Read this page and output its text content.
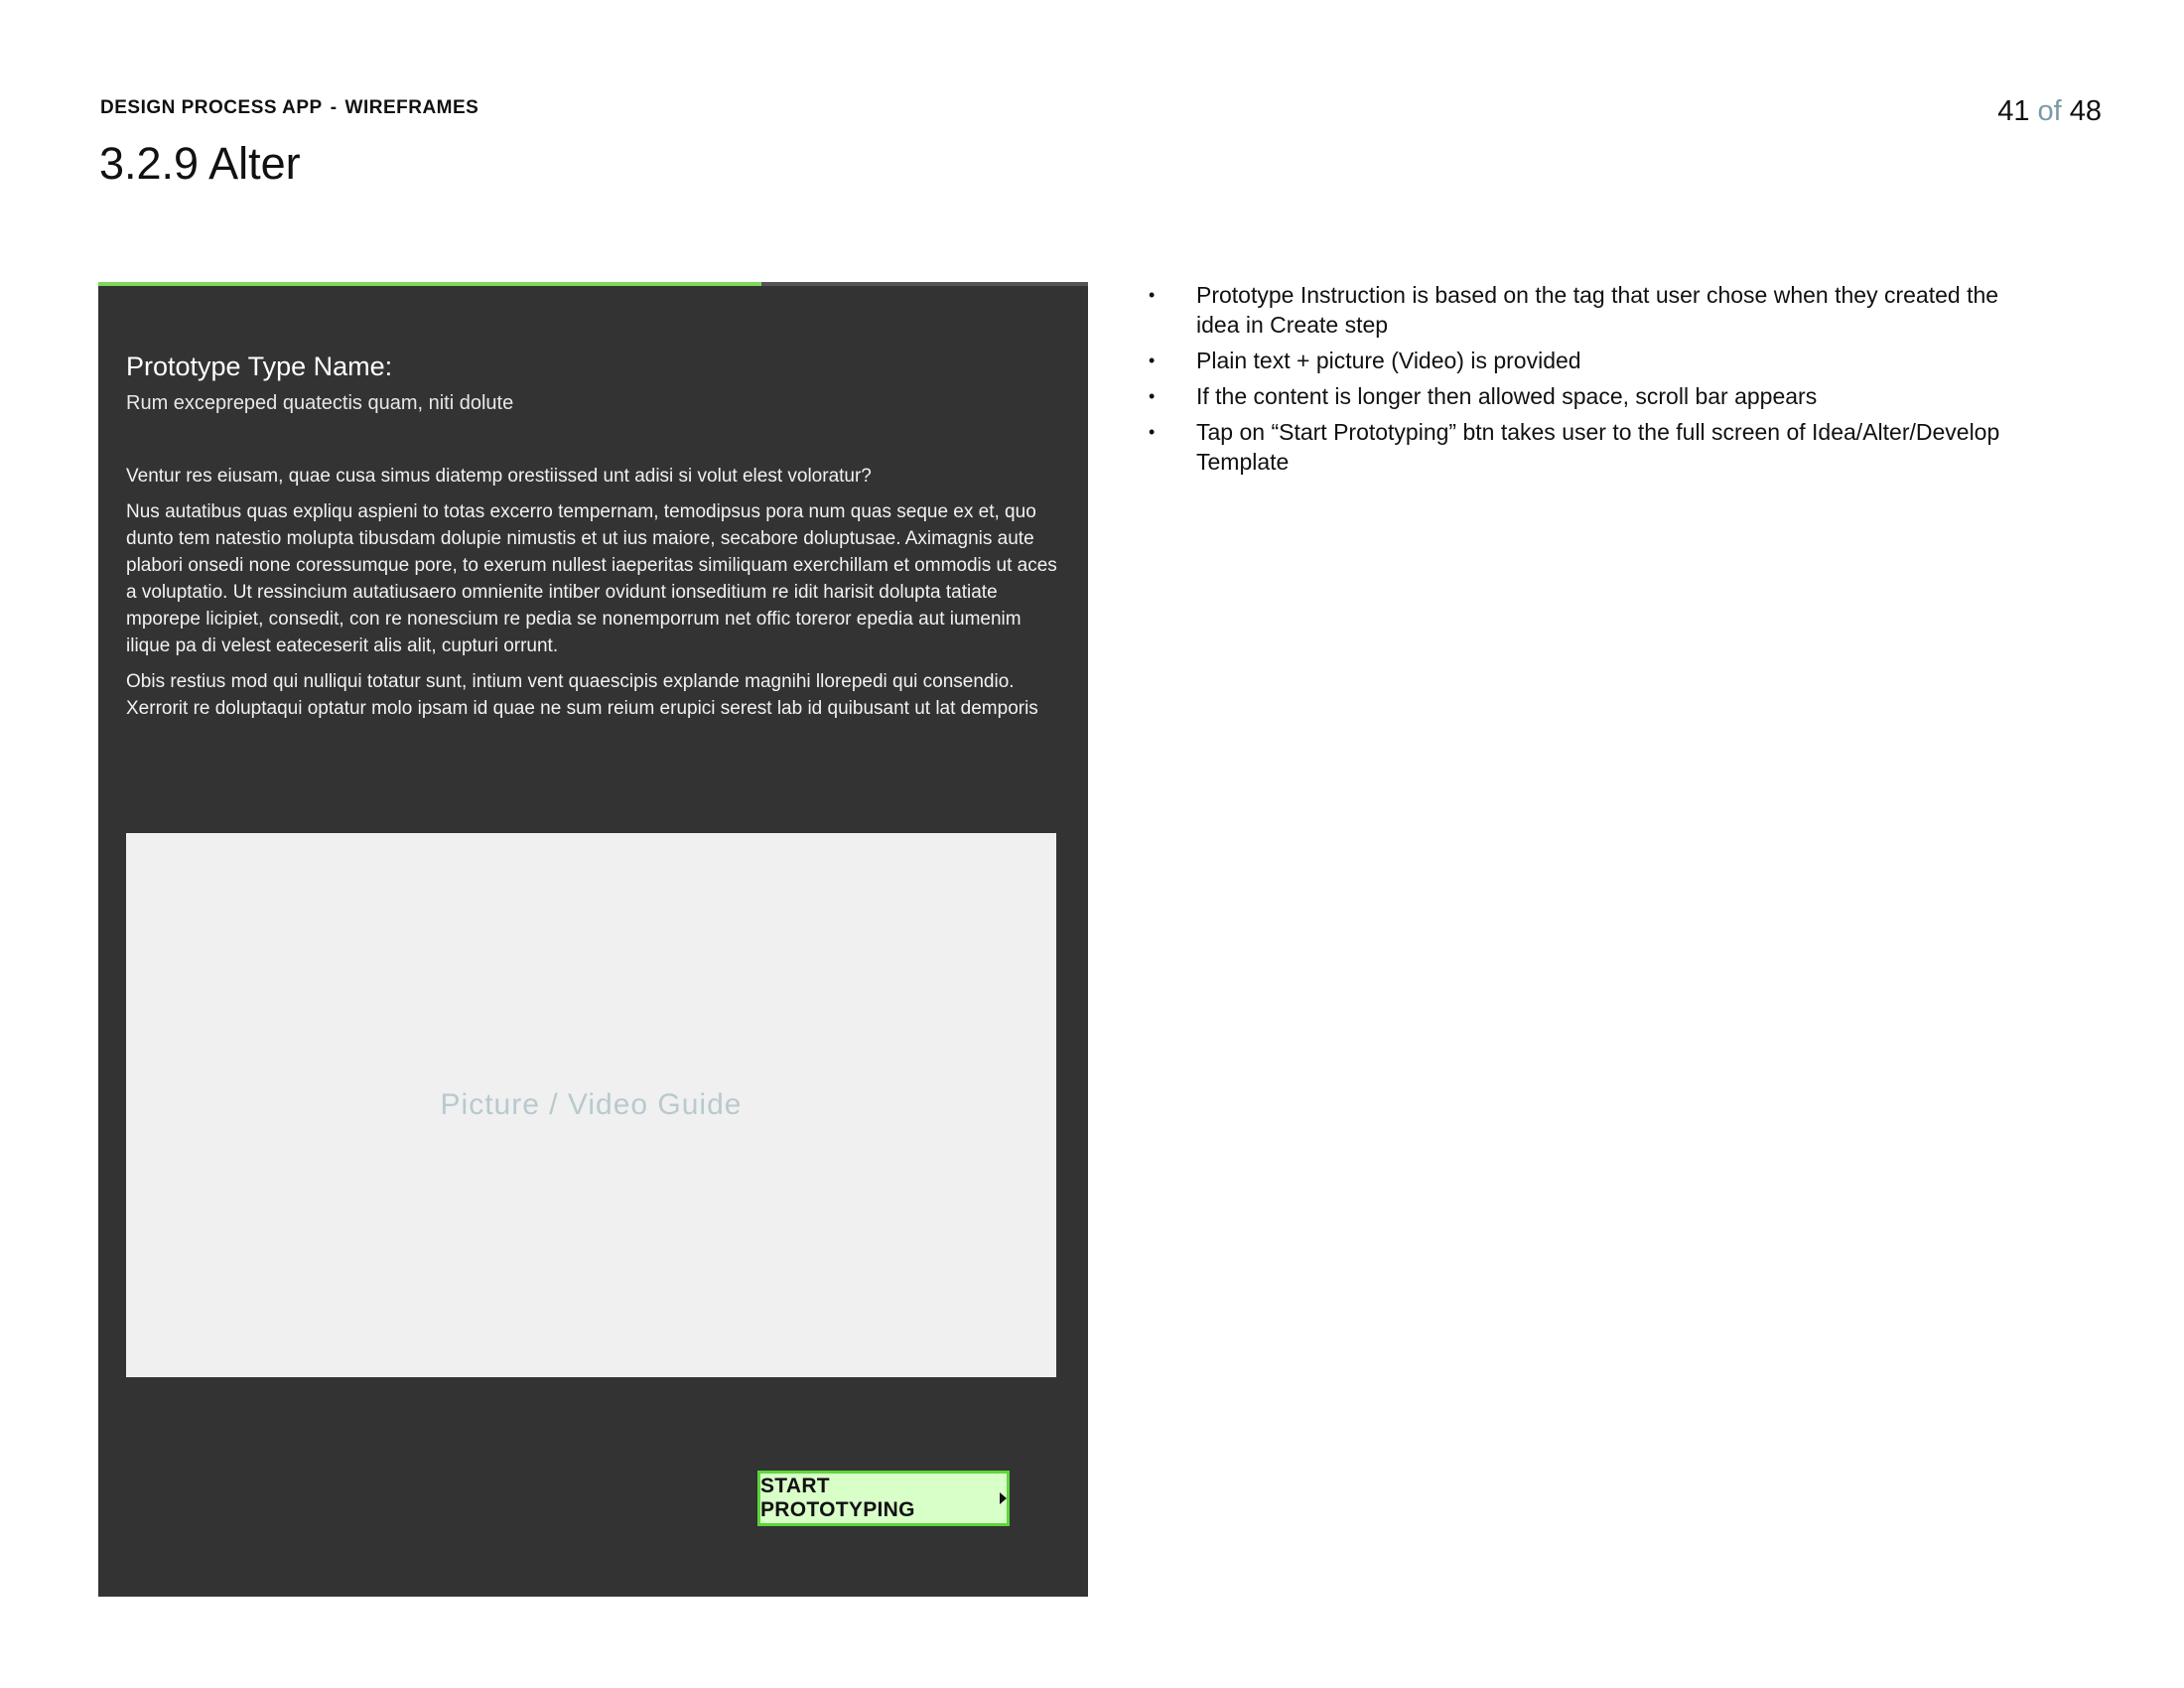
DESIGN PROCESS APP - WIREFRAMES
3.2.9 Alter
41 of 48
Prototype Type Name:

Rum excepreped quatectis quam, niti dolute

Ventur res eiusam, quae cusa simus diatemp orestiissed unt adisi si volut elest voloratur?

Nus autatibus quas expliqu aspieni to totas excerro tempernam, temodipsus pora num quas seque ex et, quo dunto tem natestio molupta tibusdam dolupie nimustis et ut ius maiore, secabore doluptusae. Aximagnis aute plabori onsedi none coressumque pore, to exerum nullest iaeperitas similiquam exerchillam et ommodis ut aces a voluptatio. Ut ressincium autatiusaero omnienite intiber ovidunt ionseditium re idit harisit dolupta tatiate mporepe licipiet, consedit, con re nonescium re pedia se nonemporrum net offic toreror epedia aut iumenim ilique pa di velest eateceserit alis alit, cupturi orrunt.

Obis restius mod qui nulliqui totatur sunt, intium vent quaescipis explande magnihi llorepedi qui consendio. Xerrorit re doluptaqui optatur molo ipsam id quae ne sum reium erupici serest lab id quibusant ut lat demporis

Picture / Video Guide
START PROTOTYPING
• Prototype Instruction is based on the tag that user chose when they created the idea in Create step
• Plain text + picture (Video) is provided
• If the content is longer then allowed space, scroll bar appears
• Tap on “Start Prototyping” btn takes user to the full screen of Idea/Alter/Develop Template
